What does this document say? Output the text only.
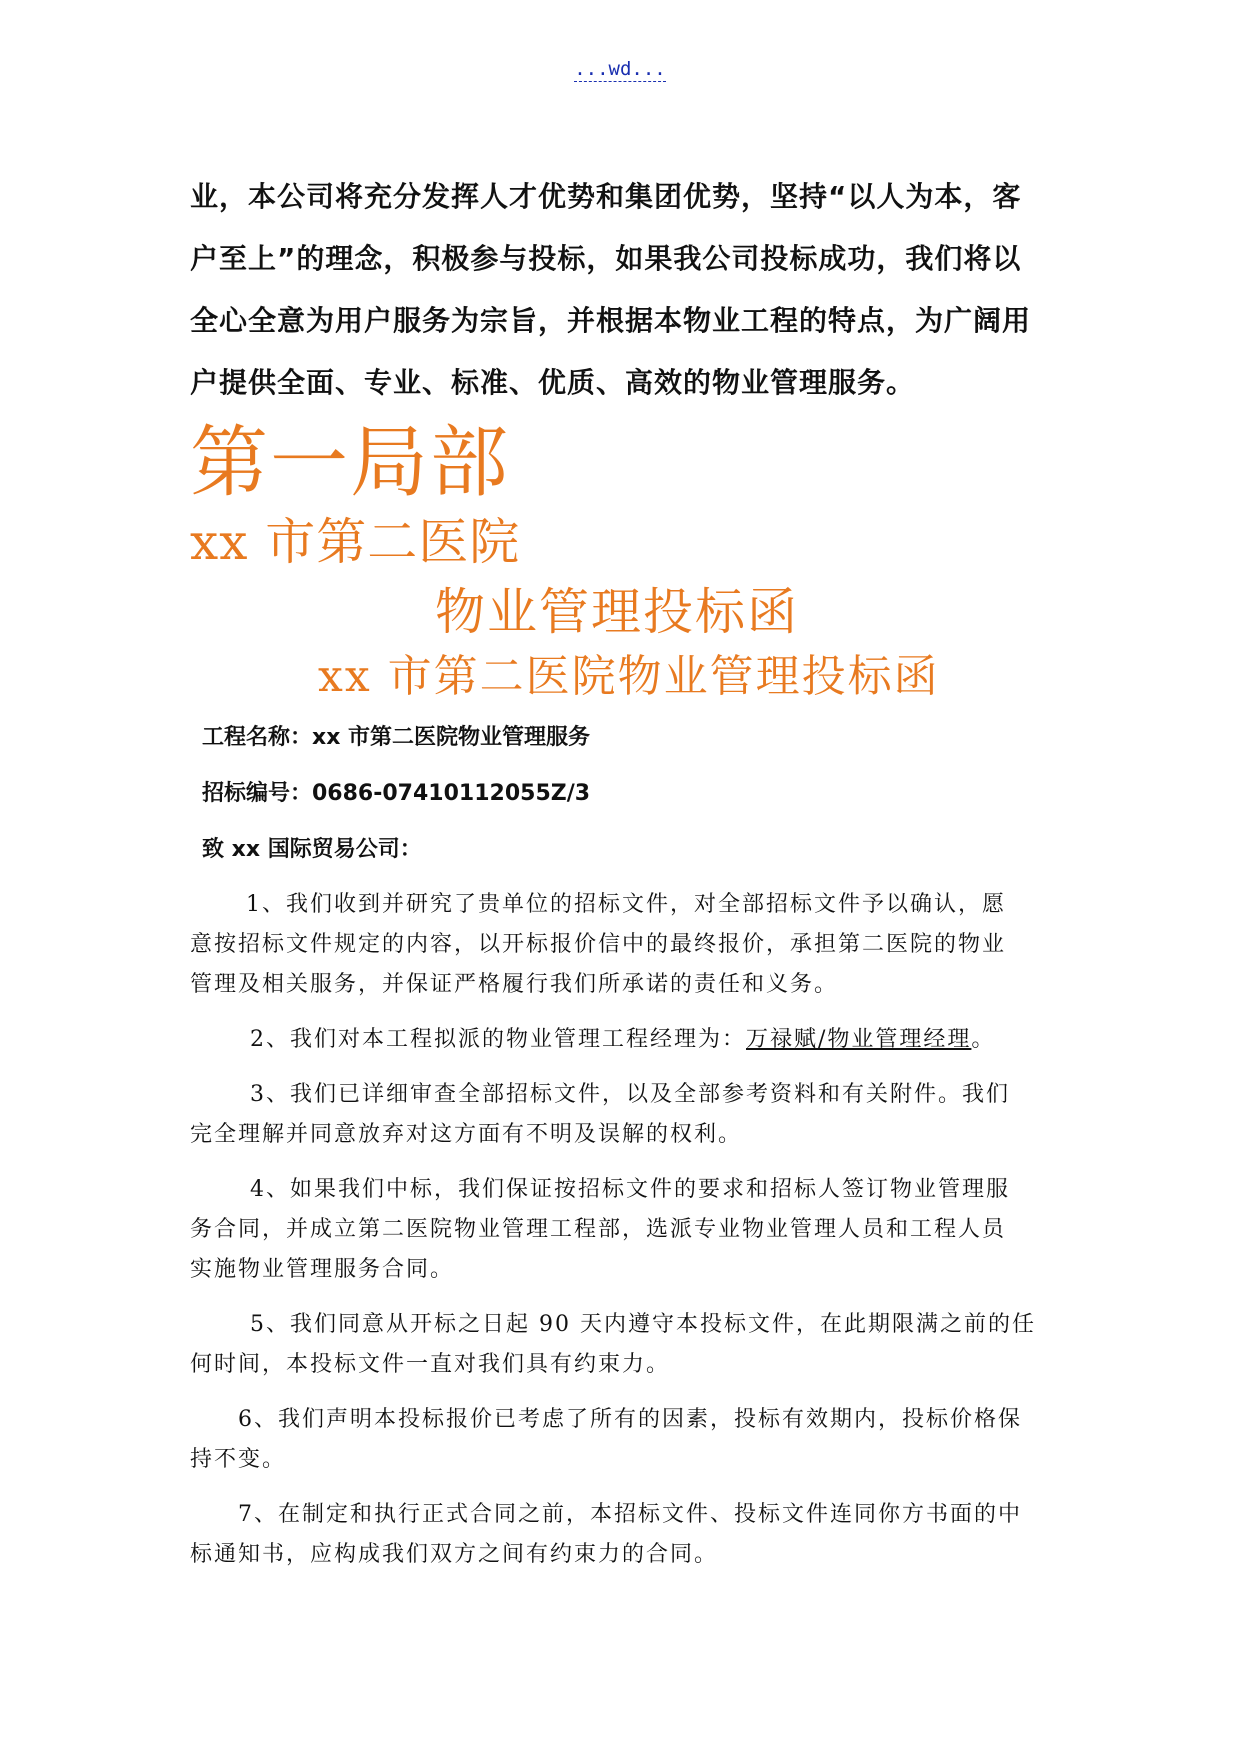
...wd...
业，本公司将充分发挥人才优势和集团优势，坚持“以人为本，客
户至上”的理念，积极参与投标，如果我公司投标成功，我们将以
全心全意为用户服务为宗旨，并根据本物业工程的特点，为广阔用
户提供全面、专业、标准、优质、高效的物业管理服务。
第一局部
xx 市第二医院
物业管理投标函
xx 市第二医院物业管理投标函
工程名称：xx 市第二医院物业管理服务
招标编号：0686-07410112055Z/3
致 xx 国际贸易公司：
1、我们收到并研究了贵单位的招标文件，对全部招标文件予以确认，愿
意按招标文件规定的内容，以开标报价信中的最终报价，承担第二医院的物业
管理及相关服务，并保证严格履行我们所承诺的责任和义务。
2、我们对本工程拟派的物业管理工程经理为：万禄赋/物业管理经理。
3、我们已详细审查全部招标文件，以及全部参考资料和有关附件。我们
完全理解并同意放弃对这方面有不明及误解的权利。
4、如果我们中标，我们保证按招标文件的要求和招标人签订物业管理服
务合同，并成立第二医院物业管理工程部，选派专业物业管理人员和工程人员
实施物业管理服务合同。
5、我们同意从开标之日起 90 天内遵守本投标文件，在此期限满之前的任
何时间，本投标文件一直对我们具有约束力。
6、我们声明本投标报价已考虑了所有的因素，投标有效期内，投标价格保
持不变。
7、在制定和执行正式合同之前，本招标文件、投标文件连同你方书面的中
标通知书，应构成我们双方之间有约束力的合同。
